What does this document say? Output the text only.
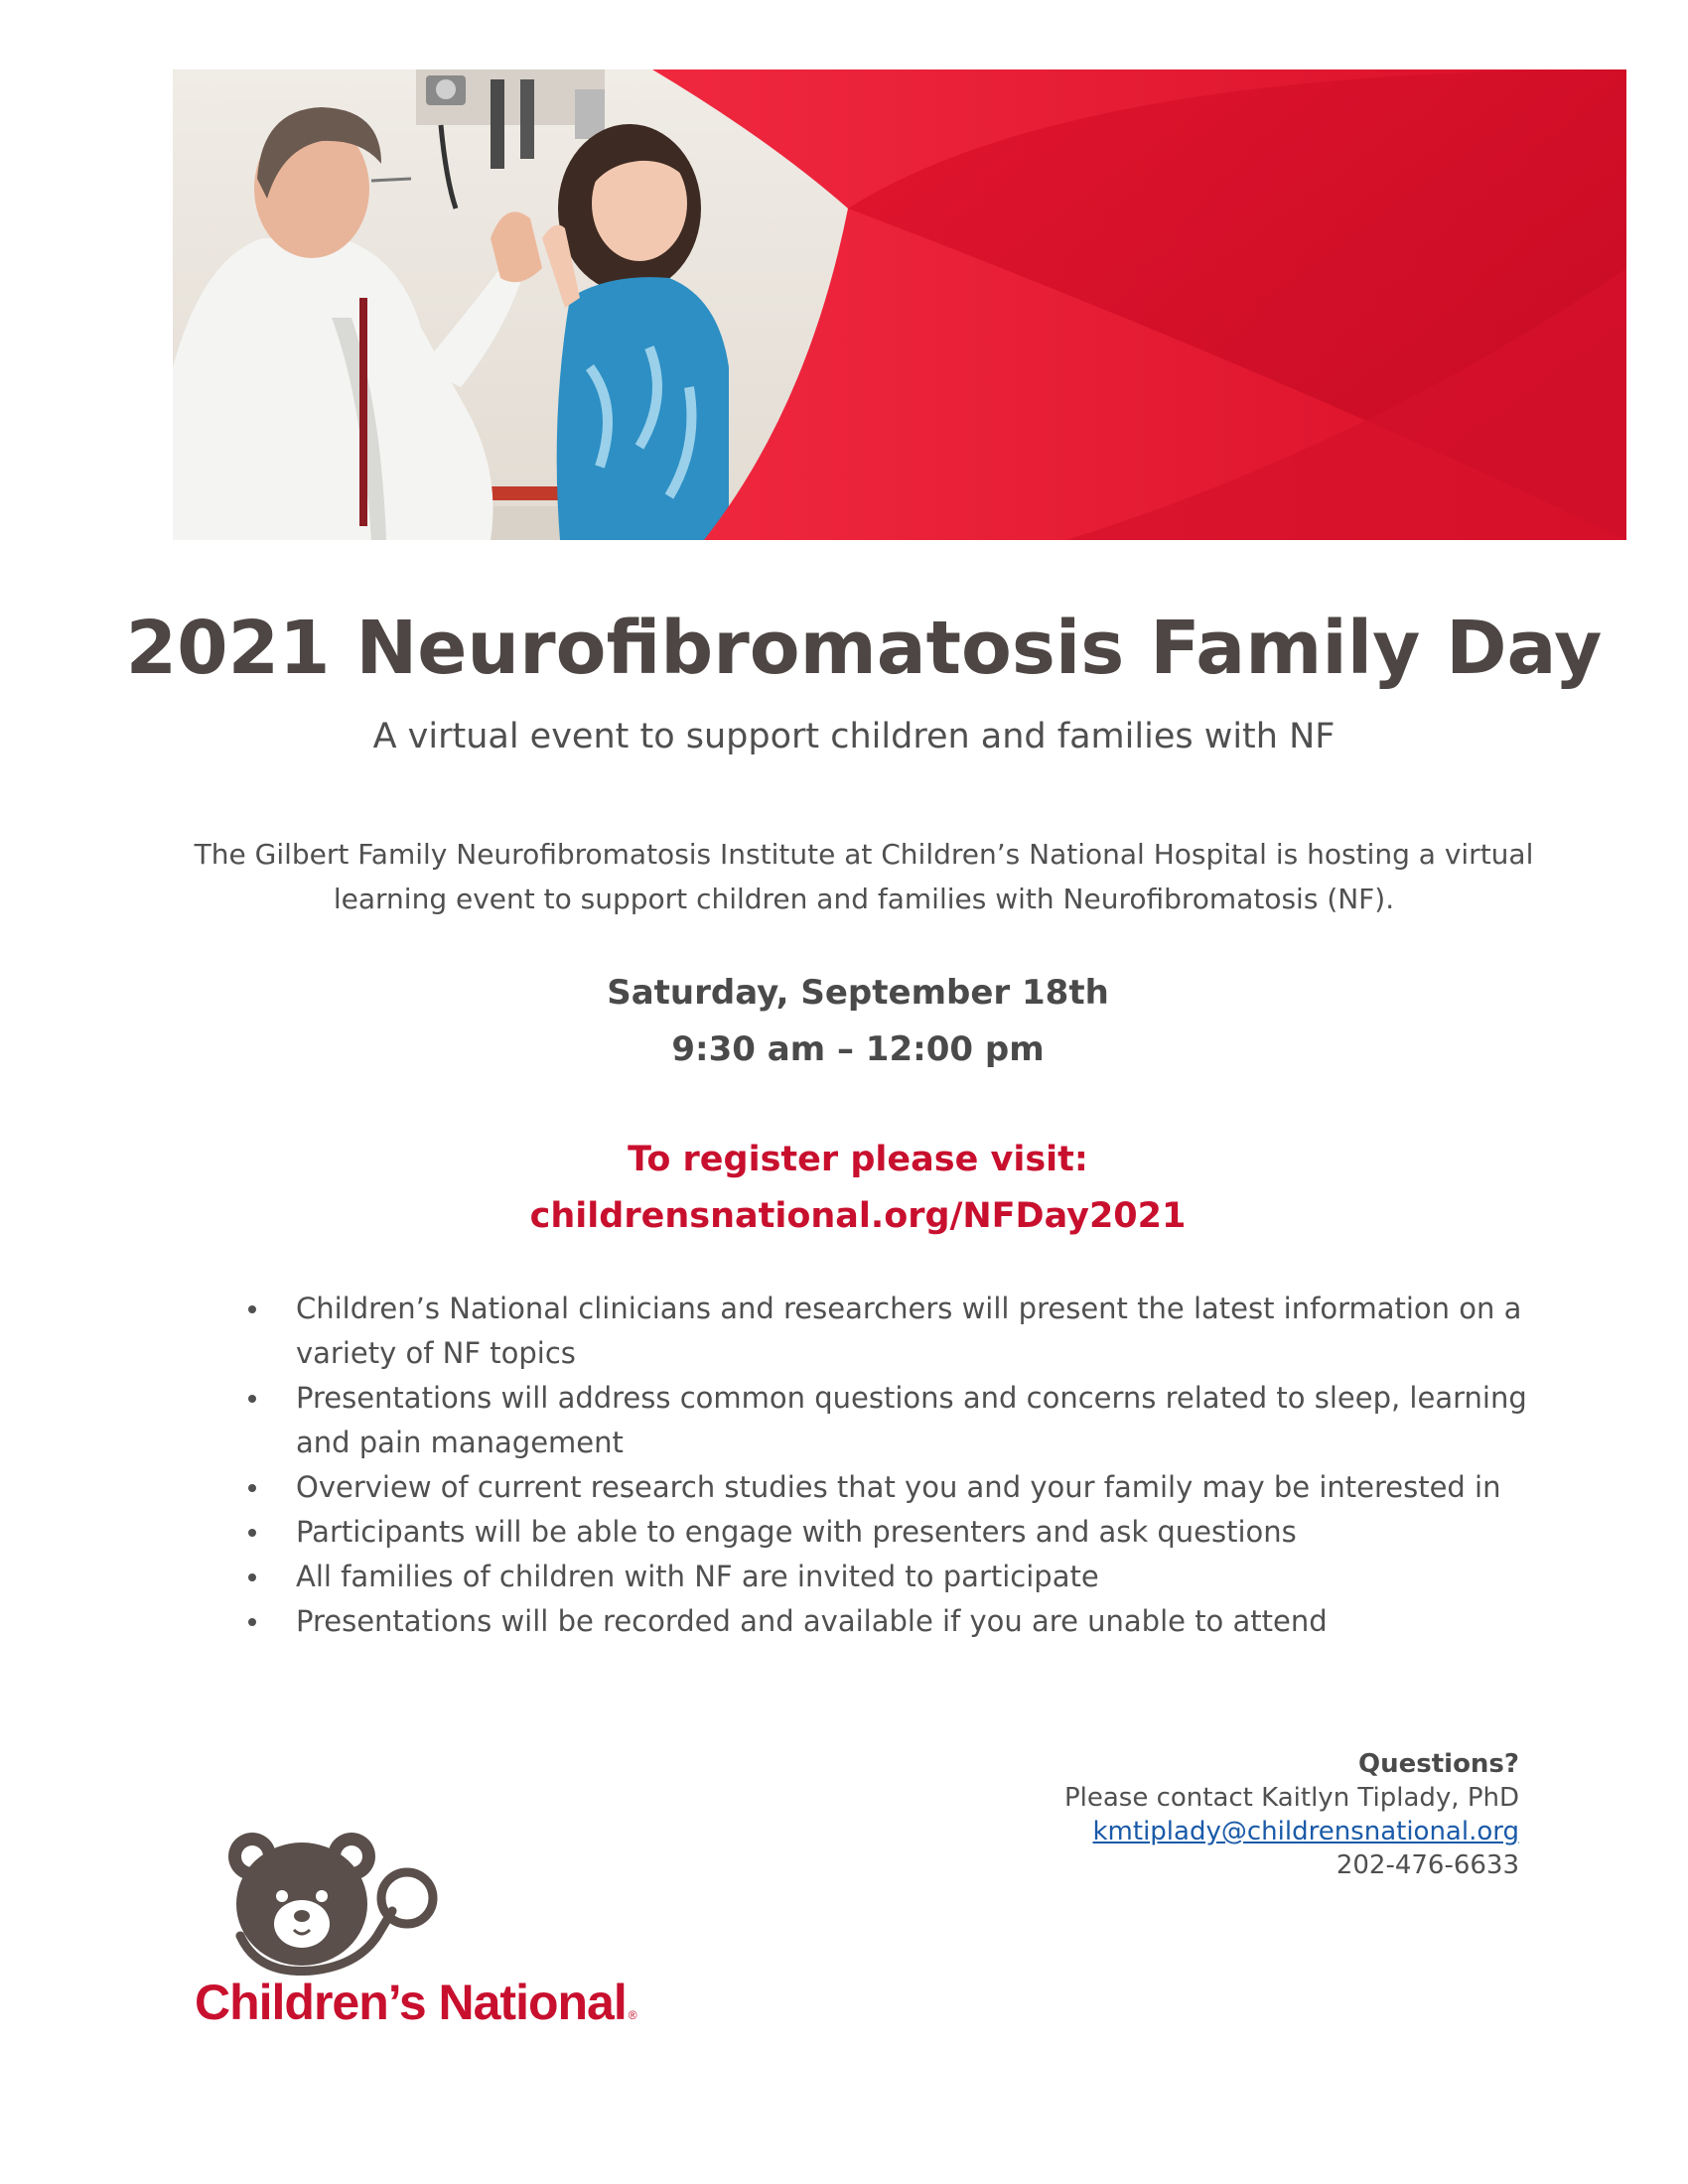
2021 Neurofibromatosis Family Day

A virtual event to support children and families with NF

The Gilbert Family Neurofibromatosis Institute at Children’s National Hospital is hosting a virtual learning event to support children and families with Neurofibromatosis (NF).

Saturday, September 18th
9:30 am – 12:00 pm
To register please visit:
childrensnational.org/NFDay2021
Children’s National clinicians and researchers will present the latest information on a variety of NF topics
Presentations will address common questions and concerns related to sleep, learning and pain management
Overview of current research studies that you and your family may be interested in
Participants will be able to engage with presenters and ask questions
All families of children with NF are invited to participate
Presentations will be recorded and available if you are unable to attend
Questions?
Please contact Kaitlyn Tiplady, PhD
kmtiplady@childrensnational.org
202-476-6633
Children’s National ®
